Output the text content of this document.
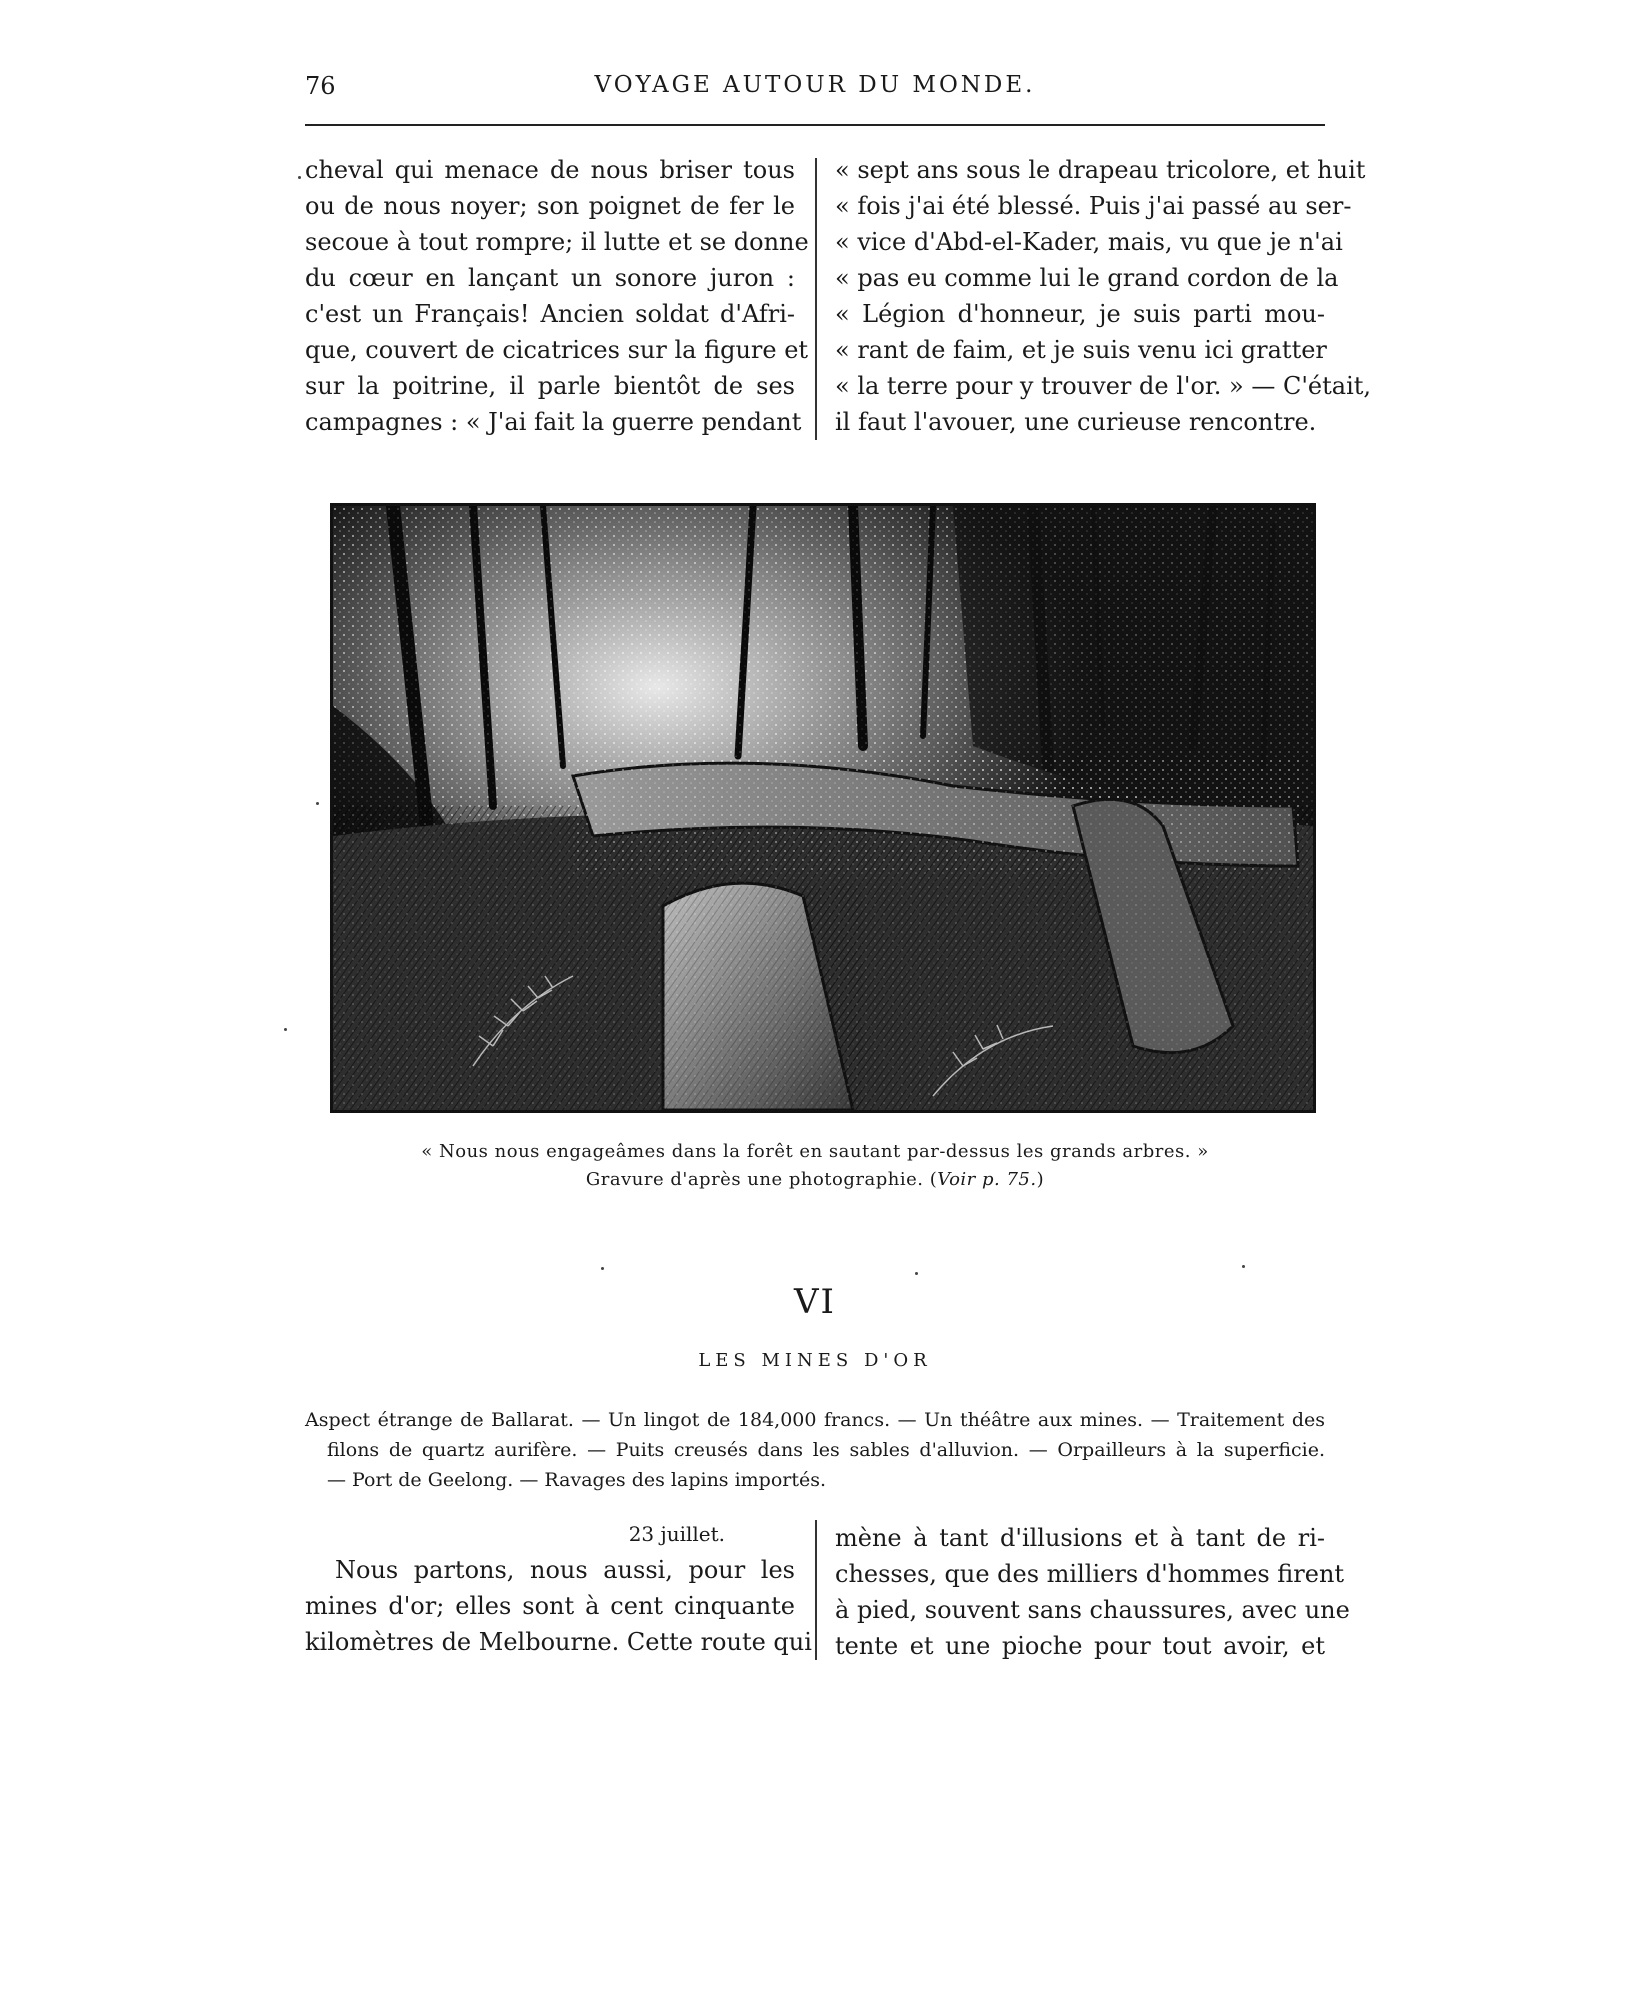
76	VOYAGE AUTOUR DU MONDE.
cheval qui menace de nous briser tous
ou de nous noyer; son poignet de fer le
secoue à tout rompre; il lutte et se donne
du cœur en lançant un sonore juron :
c'est un Français! Ancien soldat d'Afri-
que, couvert de cicatrices sur la figure et
sur la poitrine, il parle bientôt de ses
campagnes : « J'ai fait la guerre pendant
« sept ans sous le drapeau tricolore, et huit
« fois j'ai été blessé. Puis j'ai passé au ser-
« vice d'Abd-el-Kader, mais, vu que je n'ai
« pas eu comme lui le grand cordon de la
« Légion d'honneur, je suis parti mou-
« rant de faim, et je suis venu ici gratter
« la terre pour y trouver de l'or. » — C'était,
il faut l'avouer, une curieuse rencontre.
« Nous nous engageâmes dans la forêt en sautant par-dessus les grands arbres. »
Gravure d'après une photographie. (Voir p. 75.)
VI
LES MINES D'OR
Aspect étrange de Ballarat. — Un lingot de 184,000 francs. — Un théâtre aux mines. — Traitement des
filons de quartz aurifère. — Puits creusés dans les sables d'alluvion. — Orpailleurs à la superficie.
— Port de Geelong. — Ravages des lapins importés.
23 juillet.
Nous partons, nous aussi, pour les
mines d'or; elles sont à cent cinquante
kilomètres de Melbourne. Cette route qui
mène à tant d'illusions et à tant de ri-
chesses, que des milliers d'hommes firent
à pied, souvent sans chaussures, avec une
tente et une pioche pour tout avoir, et
